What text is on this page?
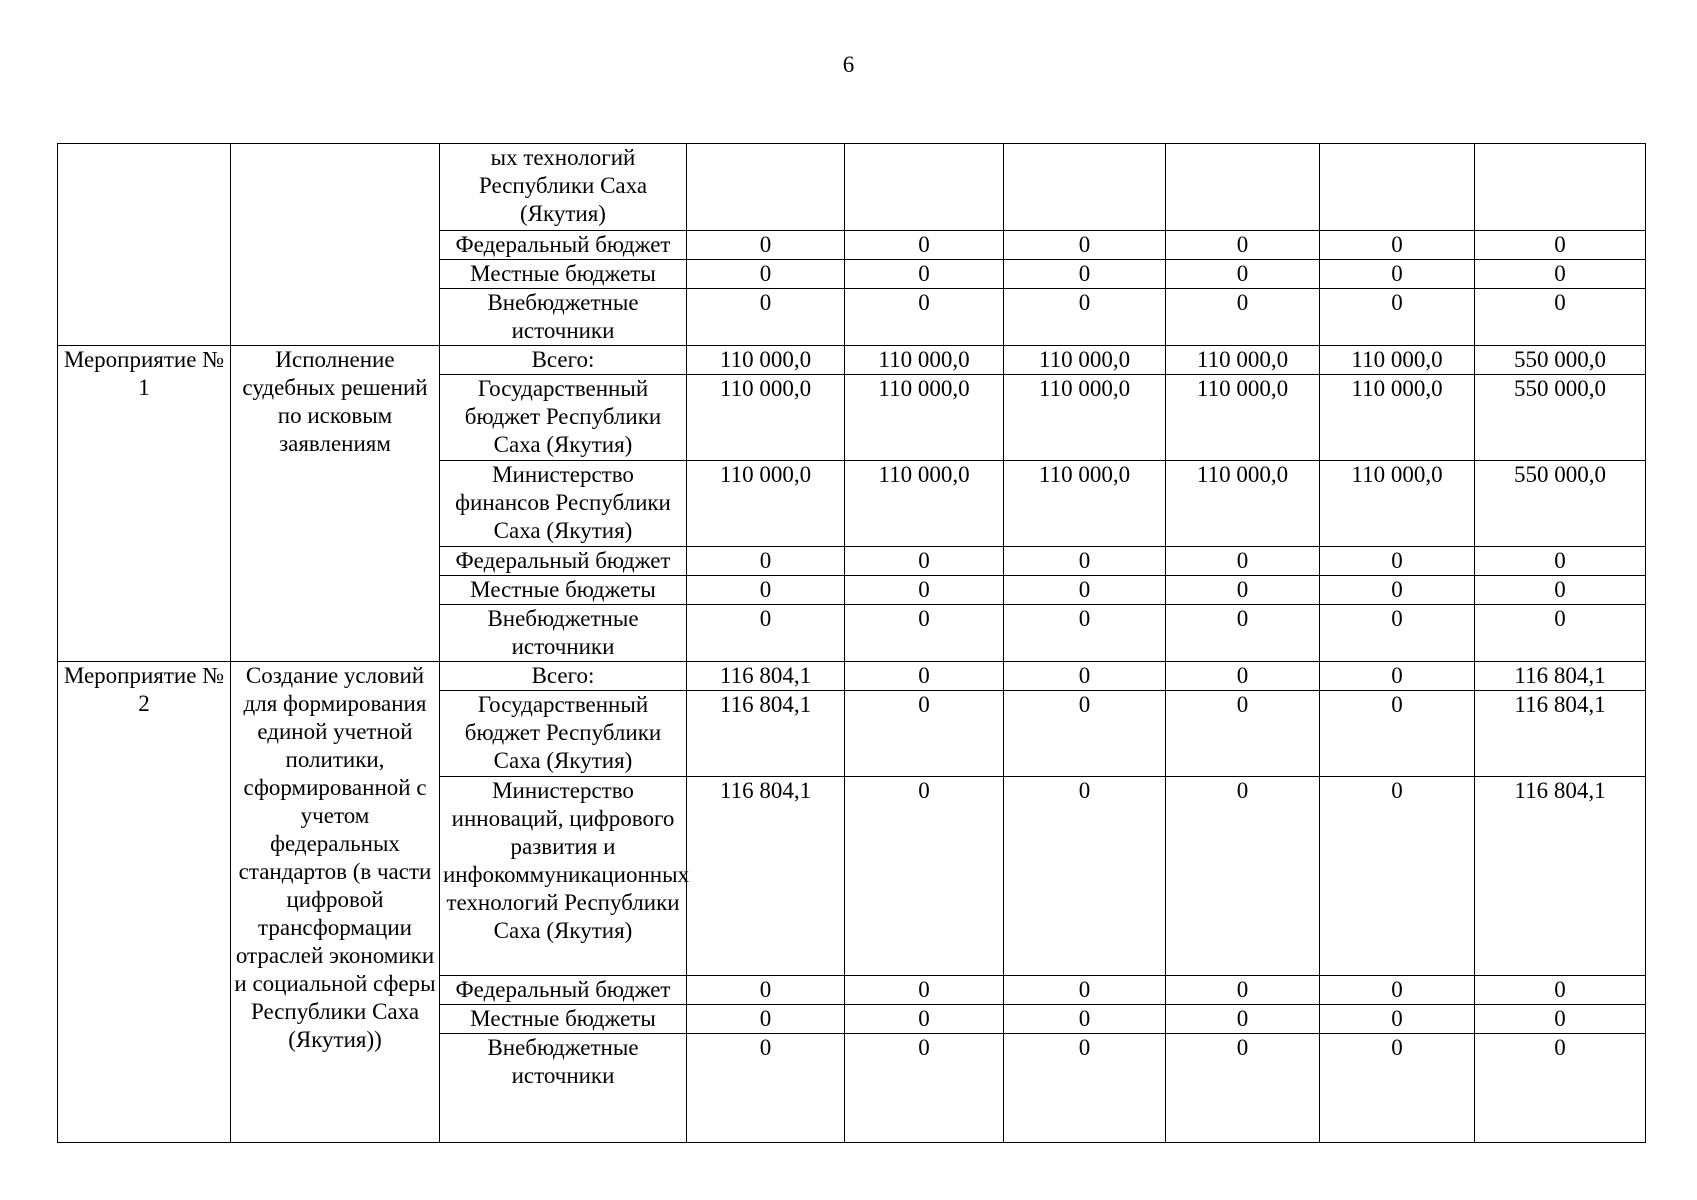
6
		ых технологий Республики Саха (Якутия)						
		Федеральный бюджет	0	0	0	0	0	0
		Местные бюджеты	0	0	0	0	0	0
		Внебюджетные источники	0	0	0	0	0	0
Мероприятие № 1	Исполнение судебных решений по исковым заявлениям	Всего:	110 000,0	110 000,0	110 000,0	110 000,0	110 000,0	550 000,0
		Государственный бюджет Республики Саха (Якутия)	110 000,0	110 000,0	110 000,0	110 000,0	110 000,0	550 000,0
		Министерство финансов Республики Саха (Якутия)	110 000,0	110 000,0	110 000,0	110 000,0	110 000,0	550 000,0
		Федеральный бюджет	0	0	0	0	0	0
		Местные бюджеты	0	0	0	0	0	0
		Внебюджетные источники	0	0	0	0	0	0
Мероприятие № 2	Создание условий для формирования единой учетной политики, сформированной с учетом федеральных стандартов (в части цифровой трансформации отраслей экономики и социальной сферы Республики Саха (Якутия))	Всего:	116 804,1	0	0	0	0	116 804,1
		Государственный бюджет Республики Саха (Якутия)	116 804,1	0	0	0	0	116 804,1
		Министерство инноваций, цифрового развития и инфокоммуникационных технологий Республики Саха (Якутия)	116 804,1	0	0	0	0	116 804,1
		Федеральный бюджет	0	0	0	0	0	0
		Местные бюджеты	0	0	0	0	0	0
		Внебюджетные источники	0	0	0	0	0	0
